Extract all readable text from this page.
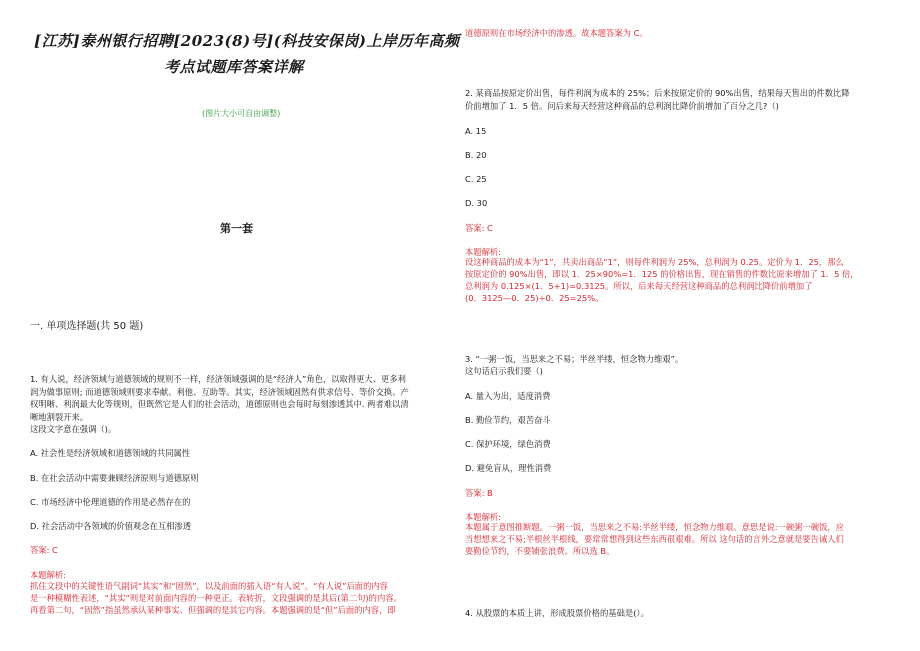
[江苏]泰州银行招聘[2023(8)号](科技安保岗)上岸历年高频

考点试题库答案详解

(图片大小可自由调整)

第一套

一. 单项选择题(共 50 题)

1. 有人说，经济领域与道德领域的规则不一样，经济领域强调的是“经济人”角色，以取得更大、更多利
润为做事原则; 而道德领域则要求奉献、利他、互助等。其实，经济领域固然有供求信号、等价交换、产
权明晰、利润最大化等规则，但既然它是人们的社会活动，道德原则也会每时每刻渗透其中. 两者难以清
晰地割裂开来。
这段文字意在强调（)。

A. 社会性是经济领域和道德领域的共同属性

B. 在社会活动中需要兼顾经济原则与道德原则

C. 市场经济中伦理道德的作用是必然存在的

D. 社会活动中各领域的价值观念在互相渗透

答案: C

本题解析:

抓住文段中的关键性语气副词“其实”和“固然”，以及前面的插入语“有人说”。“有人说”后面的内容
是一种模糊性表述，“其实”则是对前面内容的一种更正。表转折，文段强调的是其后(第二句)的内容。
再看第二句，“固然”指虽然承认某种事实、但强调的是其它内容。本题强调的是“但”后面的内容，即

道德原则在市场经济中的渗透。故本题答案为 C。

2. 某商品按原定价出售，每件利润为成本的 25%；后来按原定价的 90%出售，结果每天售出的件数比降
价前增加了 1．5 倍。问后来每天经营这种商品的总利润比降价前增加了百分之几?（)

A. 15

B. 20

C. 25

D. 30

答案: C

本题解析:

设这种商品的成本为“1”，共卖出商品“1”，则每件利润为 25%，总利润为 0.25。定价为 1．25，那么
按原定价的 90%出售，即以 1．25×90%=1．125 的价格出售，现在销售的件数比原来增加了 1．5 倍，
总利润为 0.125×(1．5+1)=0.3125。所以，后来每天经营这种商品的总利润比降价前增加了
(0．3125—0．25)÷0．25=25%。
3. “一粥一饭，当思来之不易；半丝半缕，恒念物力维艰”。
这句话启示我们要（)

A. 量入为出，适度消费

B. 勤俭节约，艰苦奋斗

C. 保护环境，绿色消费

D. 避免盲从，理性消费

答案: B

本题解析:

本题属于意图推断题。一粥一饭，当思来之不易:半丝半缕，恒念物力维艰。意思是说:一碗粥一碗饭，应
当想想来之不易;半根丝半根线，要常常想得到这些东西很艰难。所以 这句话的言外之意就是要告诫人们
要勤俭节约，不要铺张浪费。所以选 B。

4. 从股票的本质上讲，形成股票价格的基础是(）。
